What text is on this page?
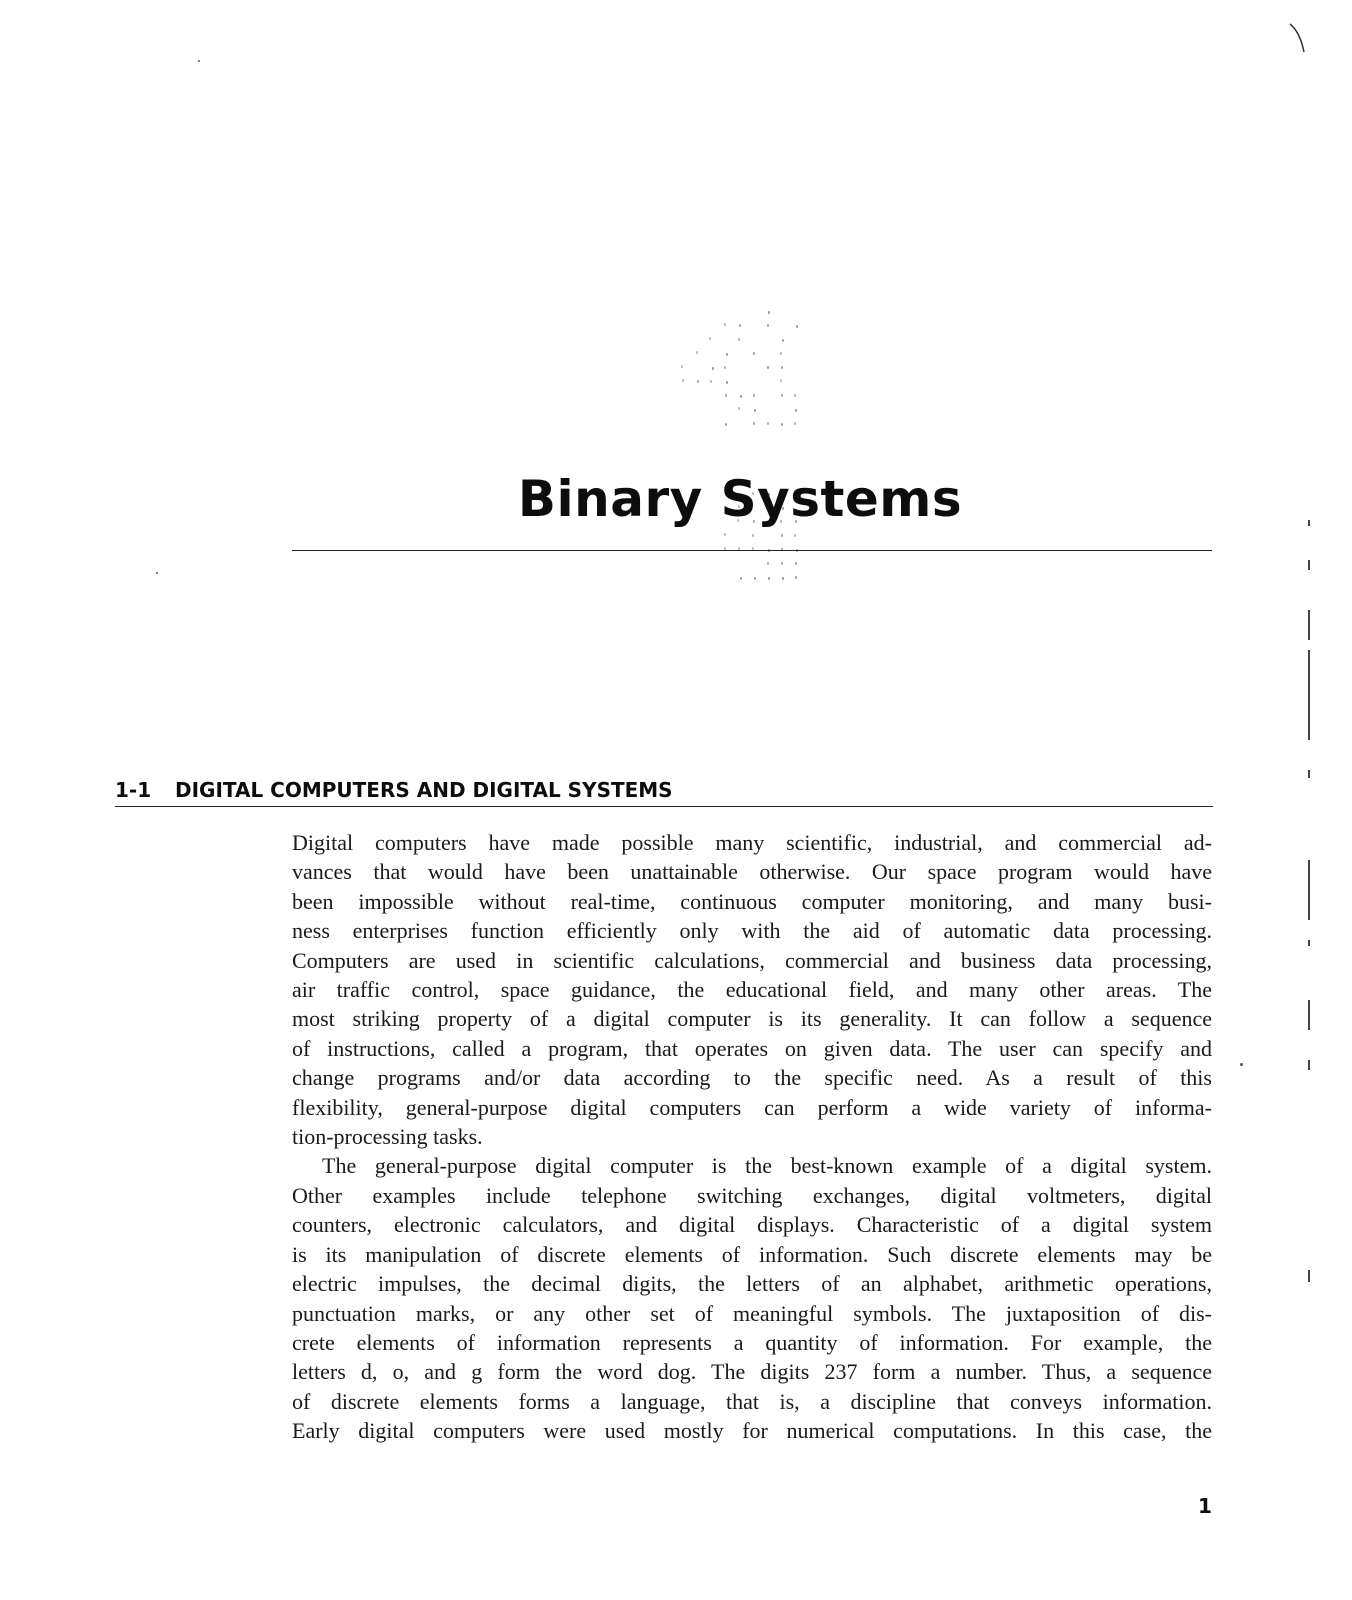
Binary Systems
1-1 DIGITAL COMPUTERS AND DIGITAL SYSTEMS

Digital computers have made possible many scientific, industrial, and commercial ad-
vances that would have been unattainable otherwise. Our space program would have
been impossible without real-time, continuous computer monitoring, and many busi-
ness enterprises function efficiently only with the aid of automatic data processing.
Computers are used in scientific calculations, commercial and business data processing,
air traffic control, space guidance, the educational field, and many other areas. The
most striking property of a digital computer is its generality. It can follow a sequence
of instructions, called a program, that operates on given data. The user can specify and
change programs and/or data according to the specific need. As a result of this
flexibility, general-purpose digital computers can perform a wide variety of informa-
tion-processing tasks.

The general-purpose digital computer is the best-known example of a digital system.
Other examples include telephone switching exchanges, digital voltmeters, digital
counters, electronic calculators, and digital displays. Characteristic of a digital system
is its manipulation of discrete elements of information. Such discrete elements may be
electric impulses, the decimal digits, the letters of an alphabet, arithmetic operations,
punctuation marks, or any other set of meaningful symbols. The juxtaposition of dis-
crete elements of information represents a quantity of information. For example, the
letters d, o, and g form the word dog. The digits 237 form a number. Thus, a sequence
of discrete elements forms a language, that is, a discipline that conveys information.
Early digital computers were used mostly for numerical computations. In this case, the

1
